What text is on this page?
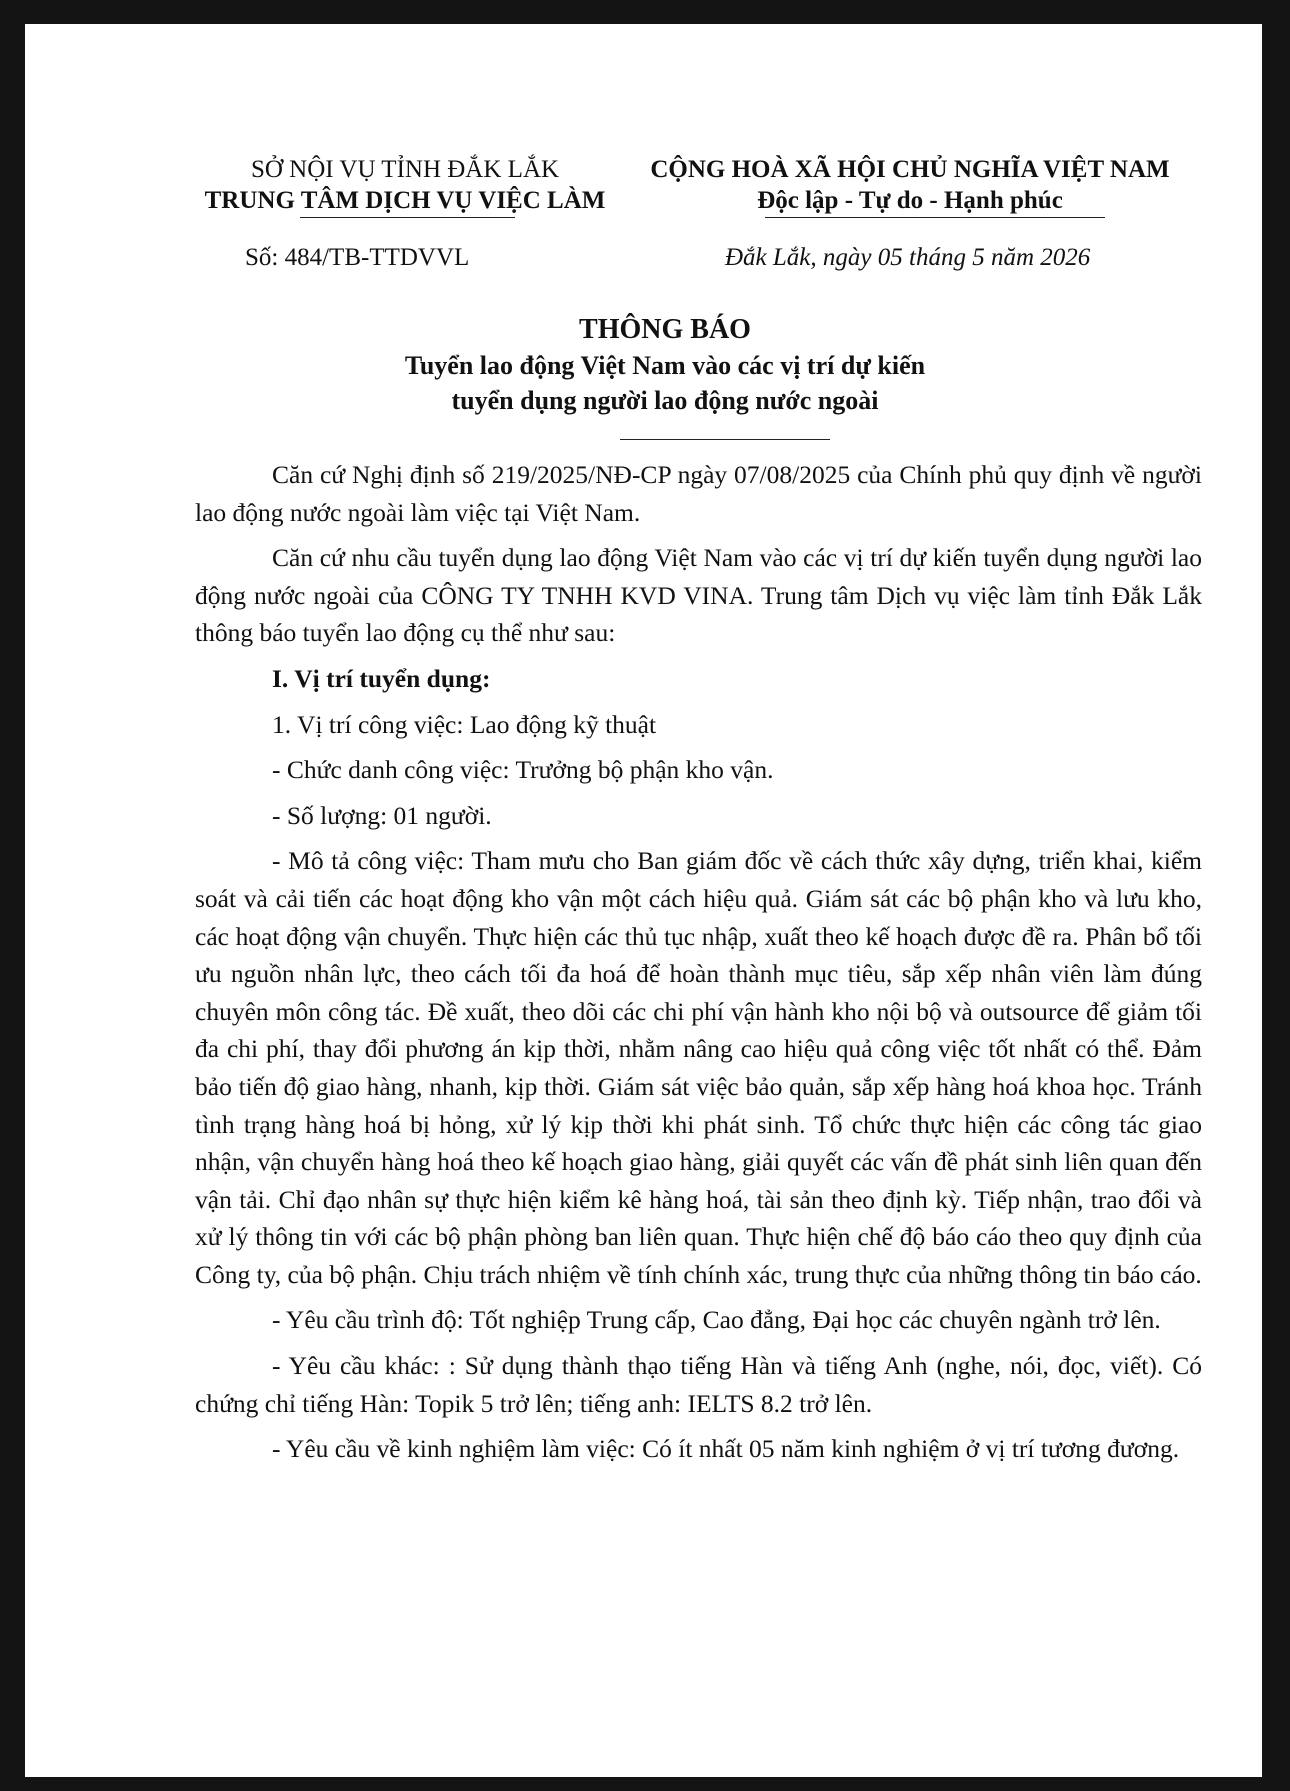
SỞ NỘI VỤ TỈNH ĐẮK LẮK
TRUNG TÂM DỊCH VỤ VIỆC LÀM
CỘNG HOÀ XÃ HỘI CHỦ NGHĨA VIỆT NAM
Độc lập - Tự do - Hạnh phúc
Số: 484/TB-TTDVVL	Đắk Lắk, ngày 05 tháng 5 năm 2026
THÔNG BÁO
Tuyển lao động Việt Nam vào các vị trí dự kiến
tuyển dụng người lao động nước ngoài

Căn cứ Nghị định số 219/2025/NĐ-CP ngày 07/08/2025 của Chính phủ quy định về người lao động nước ngoài làm việc tại Việt Nam.

Căn cứ nhu cầu tuyển dụng lao động Việt Nam vào các vị trí dự kiến tuyển dụng người lao động nước ngoài của CÔNG TY TNHH KVD VINA. Trung tâm Dịch vụ việc làm tỉnh Đắk Lắk thông báo tuyển lao động cụ thể như sau:

I. Vị trí tuyển dụng:

1. Vị trí công việc: Lao động kỹ thuật

- Chức danh công việc: Trưởng bộ phận kho vận.

- Số lượng: 01 người.

- Mô tả công việc: Tham mưu cho Ban giám đốc về cách thức xây dựng, triển khai, kiểm soát và cải tiến các hoạt động kho vận một cách hiệu quả. Giám sát các bộ phận kho và lưu kho, các hoạt động vận chuyển. Thực hiện các thủ tục nhập, xuất theo kế hoạch được đề ra. Phân bổ tối ưu nguồn nhân lực, theo cách tối đa hoá để hoàn thành mục tiêu, sắp xếp nhân viên làm đúng chuyên môn công tác. Đề xuất, theo dõi các chi phí vận hành kho nội bộ và outsource để giảm tối đa chi phí, thay đổi phương án kịp thời, nhằm nâng cao hiệu quả công việc tốt nhất có thể. Đảm bảo tiến độ giao hàng, nhanh, kịp thời. Giám sát việc bảo quản, sắp xếp hàng hoá khoa học. Tránh tình trạng hàng hoá bị hỏng, xử lý kịp thời khi phát sinh. Tổ chức thực hiện các công tác giao nhận, vận chuyển hàng hoá theo kế hoạch giao hàng, giải quyết các vấn đề phát sinh liên quan đến vận tải. Chỉ đạo nhân sự thực hiện kiểm kê hàng hoá, tài sản theo định kỳ. Tiếp nhận, trao đổi và xử lý thông tin với các bộ phận phòng ban liên quan. Thực hiện chế độ báo cáo theo quy định của Công ty, của bộ phận. Chịu trách nhiệm về tính chính xác, trung thực của những thông tin báo cáo.

- Yêu cầu trình độ: Tốt nghiệp Trung cấp, Cao đẳng, Đại học các chuyên ngành trở lên.

- Yêu cầu khác: : Sử dụng thành thạo tiếng Hàn và tiếng Anh (nghe, nói, đọc, viết). Có chứng chỉ tiếng Hàn: Topik 5 trở lên; tiếng anh: IELTS 8.2 trở lên.

- Yêu cầu về kinh nghiệm làm việc: Có ít nhất 05 năm kinh nghiệm ở vị trí tương đương.
